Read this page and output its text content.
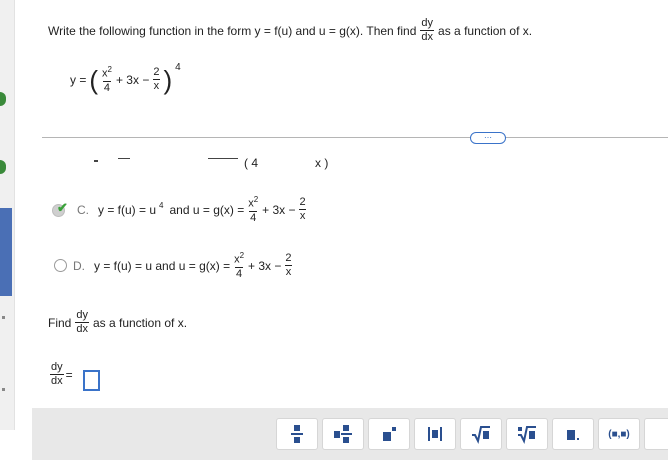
Write the following function in the form y = f(u) and u = g(x). Then find $\frac{dy}{dx}$ as a function of x.
y = ( $\frac{x^2}{4} + 3x - \frac{2}{x}$ ) $^4$
⋯
( 4	x )
✔ C. y = f(u) = u $^4$ and $u = g(x) = \frac{x^2}{4} + 3x - \frac{2}{x}$
D. y = f(u) = u and $u = g(x) = \frac{x^2}{4} + 3x - \frac{2}{x}$
Find $\frac{dy}{dx}$ as a function of x.
$\frac{dy}{dx}$ =
(■,■)
